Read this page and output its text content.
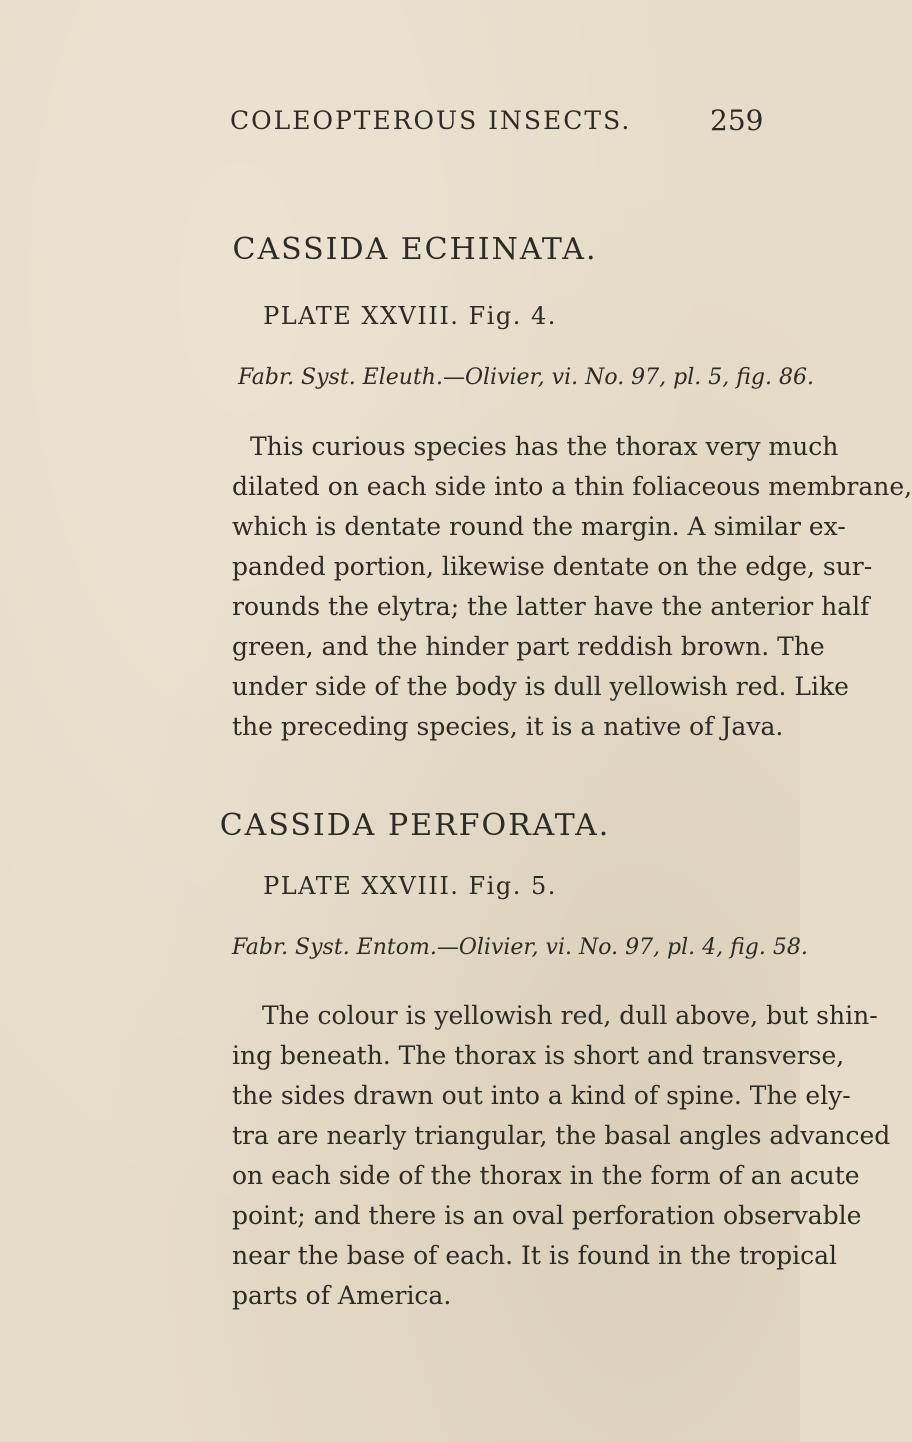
COLEOPTEROUS INSECTS.	259
CASSIDA ECHINATA.
PLATE XXVIII. Fig. 4.
Fabr. Syst. Eleuth.—Olivier, vi. No. 97, pl. 5, fig. 86.
This curious species has the thorax very much
dilated on each side into a thin foliaceous membrane,
which is dentate round the margin. A similar ex-
panded portion, likewise dentate on the edge, sur-
rounds the elytra; the latter have the anterior half
green, and the hinder part reddish brown. The
under side of the body is dull yellowish red. Like
the preceding species, it is a native of Java.
CASSIDA PERFORATA.
PLATE XXVIII. Fig. 5.
Fabr. Syst. Entom.—Olivier, vi. No. 97, pl. 4, fig. 58.
The colour is yellowish red, dull above, but shin-
ing beneath. The thorax is short and transverse,
the sides drawn out into a kind of spine. The ely-
tra are nearly triangular, the basal angles advanced
on each side of the thorax in the form of an acute
point; and there is an oval perforation observable
near the base of each. It is found in the tropical
parts of America.
